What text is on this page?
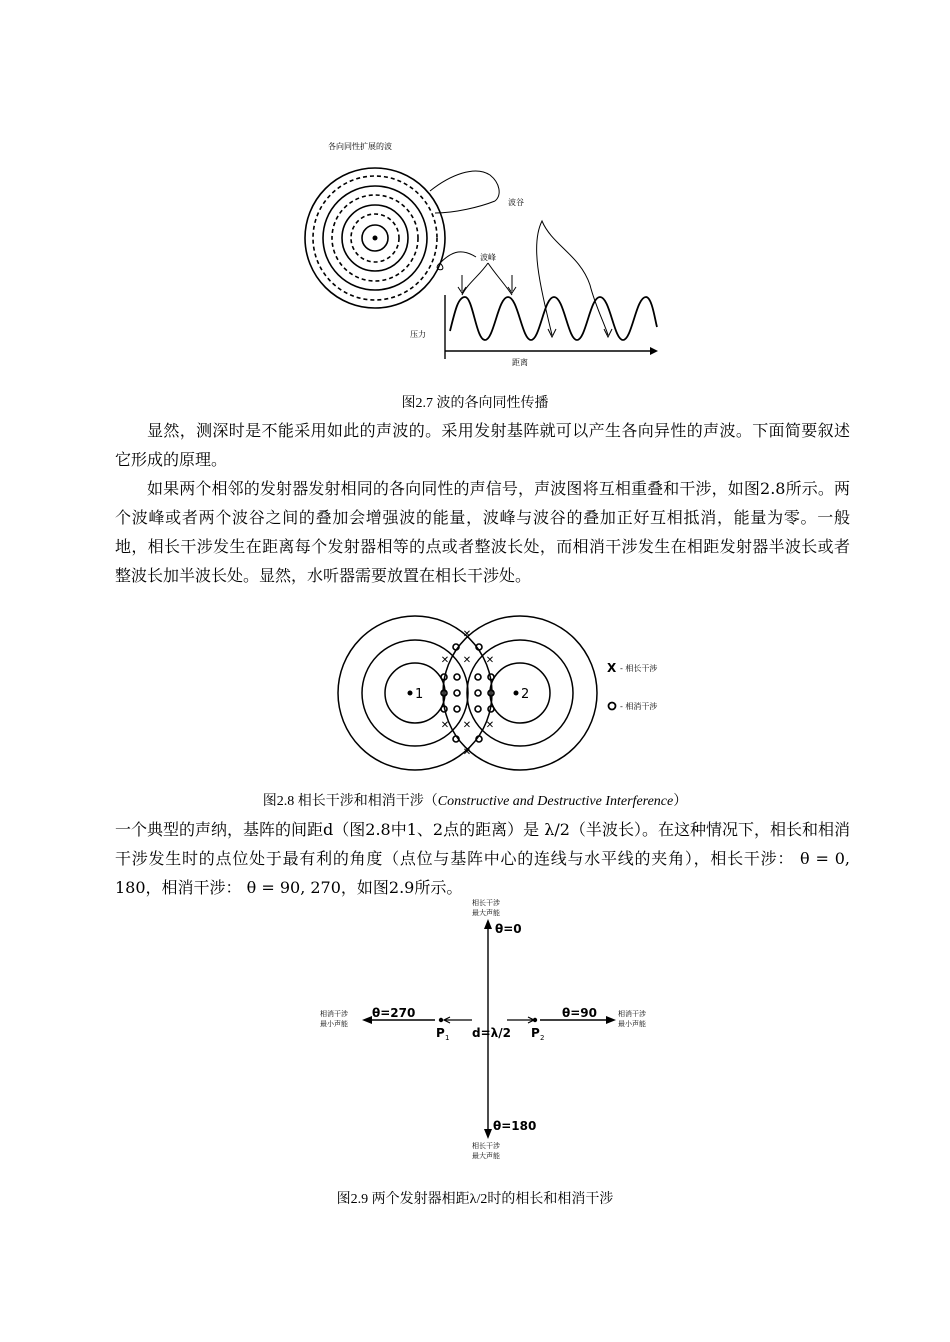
各向同性扩展的波
波谷
波峰
压力
距离
图2.7 波的各向同性传播

显然，测深时是不能采用如此的声波的。采用发射基阵就可以产生各向异性的声波。下面简要叙述它形成的原理。

如果两个相邻的发射器发射相同的各向同性的声信号，声波图将互相重叠和干涉，如图2.8所示。两个波峰或者两个波谷之间的叠加会增强波的能量，波峰与波谷的叠加正好互相抵消，能量为零。一般地，相长干涉发生在距离每个发射器相等的点或者整波长处，而相消干涉发生在相距发射器半波长或者整波长加半波长处。显然，水听器需要放置在相长干涉处。

1	2
✕
✕
✕
✕
✕	✕
✕	✕
X - 相长干涉
- 相消干涉
图2.8 相长干涉和相消干涉（Constructive and Destructive Interference）

一个典型的声纳，基阵的间距d（图2.8中1、2点的距离）是 λ/2（半波长）。在这种情况下，相长和相消干涉发生时的点位处于最有利的角度（点位与基阵中心的连线与水平线的夹角），相长干涉： θ = 0, 180，相消干涉： θ = 90, 270，如图2.9所示。

相长干涉
最大声能
θ=0
θ=270	θ=90
θ=180
相消干涉
最小声能
相消干涉
最小声能
P 1	P 2
d=λ/2
相长干涉
最大声能
图2.9 两个发射器相距λ/2时的相长和相消干涉
